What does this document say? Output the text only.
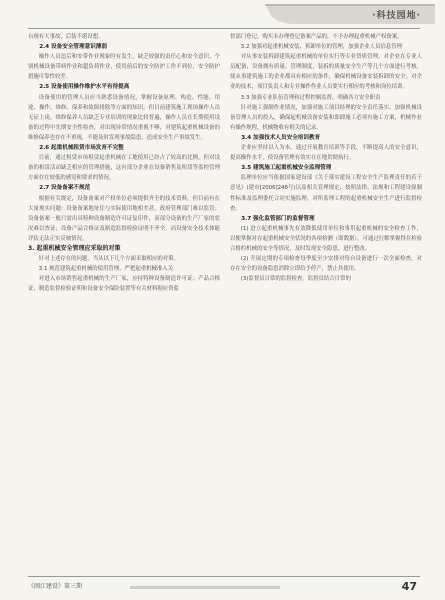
·科技园地·

台现有大事故，后装不堪设想。

2.4 设备安全管理意识薄弱

操作人员违后和安带作业现象时有发生，缺乏较强的责任心和安全意识。个别机械设备带病作业和超负荷作业，使用前后的安全防护工作不到位，安全防护措施可靠性较差。

2.5 设备使用操作维护水平有待提高

设备使用的管理人员应当熟悉设备情况，掌握设备原理、构造、性能、用途、操作、维修、保养和故障排除等方面的知识。但目前建筑施工现场操作人员无证上岗，维修保养人员缺乏专业培训的现象比较普遍，操作人员在长期使用设备的过程中先期安全性检查，对出现异常情况重视不够，对建筑起重机械设备的维修保养也存在不重视，不能及时发现事故隐患，造成安全生产事故发生。

2.6 起重机械租赁市场发育不完整

目前，通过租赁市场租赁起重机械在工地使用已经占了较高的比例，但对设备的租赁活动缺乏相应的管理措施，这有部分企业在设备销售及租赁等监控管理方面存在较低的感觉和要求的情况。

2.7 设备备案不规范

根据有关规定，设备备案对产权单位必须提供齐全的技术资料，但目前有在大量现实问题：设备备案地址往与实际使用地相差甚，政府管理部门难以监管；设备备案一般只需出具特种设备制造许可证复印件，而部分设备的生产厂家的状况难以查证；设备产品合格证及制造监督检验证明不齐全，而设备安全技术体能评估无法正实反映情况。

3. 起重机械安全管理应采取的对策

针对上述存在的问题，当从以下几个方面采取相应的对策。

3.1 规范建筑起重机械的使用管理，严把起重机械准入关

对进入市场销售起重机械的生产厂家，应持特种设备制造许可证；产品合格证，制造监督检验证明和设备安全保险装置等有关材料据应资监

督部门登记。购买未办理登记备案产品的，不予办理起重机械产权备案。

3.2 加强对起重机械安装、拆卸单位的管理，加强企业人员信息管理

对从事安装拆卸建筑起重机械的单位实行等专业资质管理，对企业在专业人员配备，设备拥有质量、管理制度，装拆的质量安全生产等几个方面进行考核，使从事建筑施工的企业都具有相应的条件，确保机械设备安装拆卸的安全。对企业的技术，项目负责人和专业操作作业人员要实行相应的考核和岗位培训。

3.3 加强专业队伍管理和过程控制监督，明确各方安全职责

针对施工强制作业情况，加强对施工项目经理的安全责任落实。加强机械设备管理人员的投入，确保起机械设备安装和即卸施工必须有施工方案，机械作业有操作规程，机械物收有相关的记录。

3.4 加强技术人员安全培训教育

企业应坚持以人为本，通过开展教育培训等手段，不断提高人的安全意识，提高操作水平，使设备管理有效实在在地贯彻执行。

3.5 建筑施工起重机械安全监理管理

监理单位应当依据国家建设部《关于落实建设工程安全生产监理责任的若干意见》(建市[2006]248号)以及相关管理规定，按照法律、法规和工程建设强制性标准及监理委托合同实施监理，对所监理工程的起重机械安全生产进行监督检查。

3.7 强化监管部门的监督管理

(1) 进立起重机械事先有效降低使用单位和事用起重机械的安全检查工作，以便掌握对存起重机械安全状况的各项检测（即数据），可通过行解掌握得在检验合格的机械的安全等情况，及时发现安全隐患，进行整改。

(2) 升展定期的专项检查每季度至少安排对每台设备进行一次全面检查，对存在安全的设备隐患消除立即给予停产，禁止其使用。

(3)监督员日常的监督检查。监督员结合日常的

《闽江建设》第三期	47
